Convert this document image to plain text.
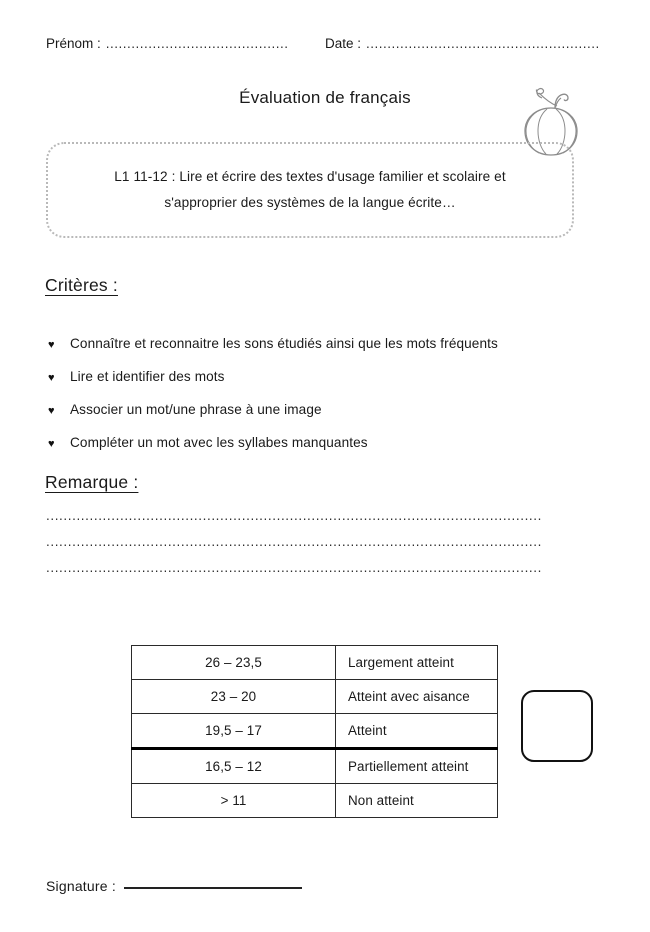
Prénom : ...........................................	Date : .......................................................
Évaluation de français
L1 11-12 : Lire et écrire des textes d'usage familier et scolaire et
s'approprier des systèmes de la langue écrite…
Critères :
♥	Connaître et reconnaitre les sons étudiés ainsi que les mots fréquents
♥	Lire et identifier des mots
♥	Associer un mot/une phrase à une image
♥	Compléter un mot avec les syllabes manquantes
Remarque :
..................................................................................................................
..................................................................................................................
..................................................................................................................
26 – 23,5	Largement atteint
23 – 20	Atteint avec aisance
19,5 – 17	Atteint
16,5 – 12	Partiellement atteint
> 11	Non atteint
Signature :
